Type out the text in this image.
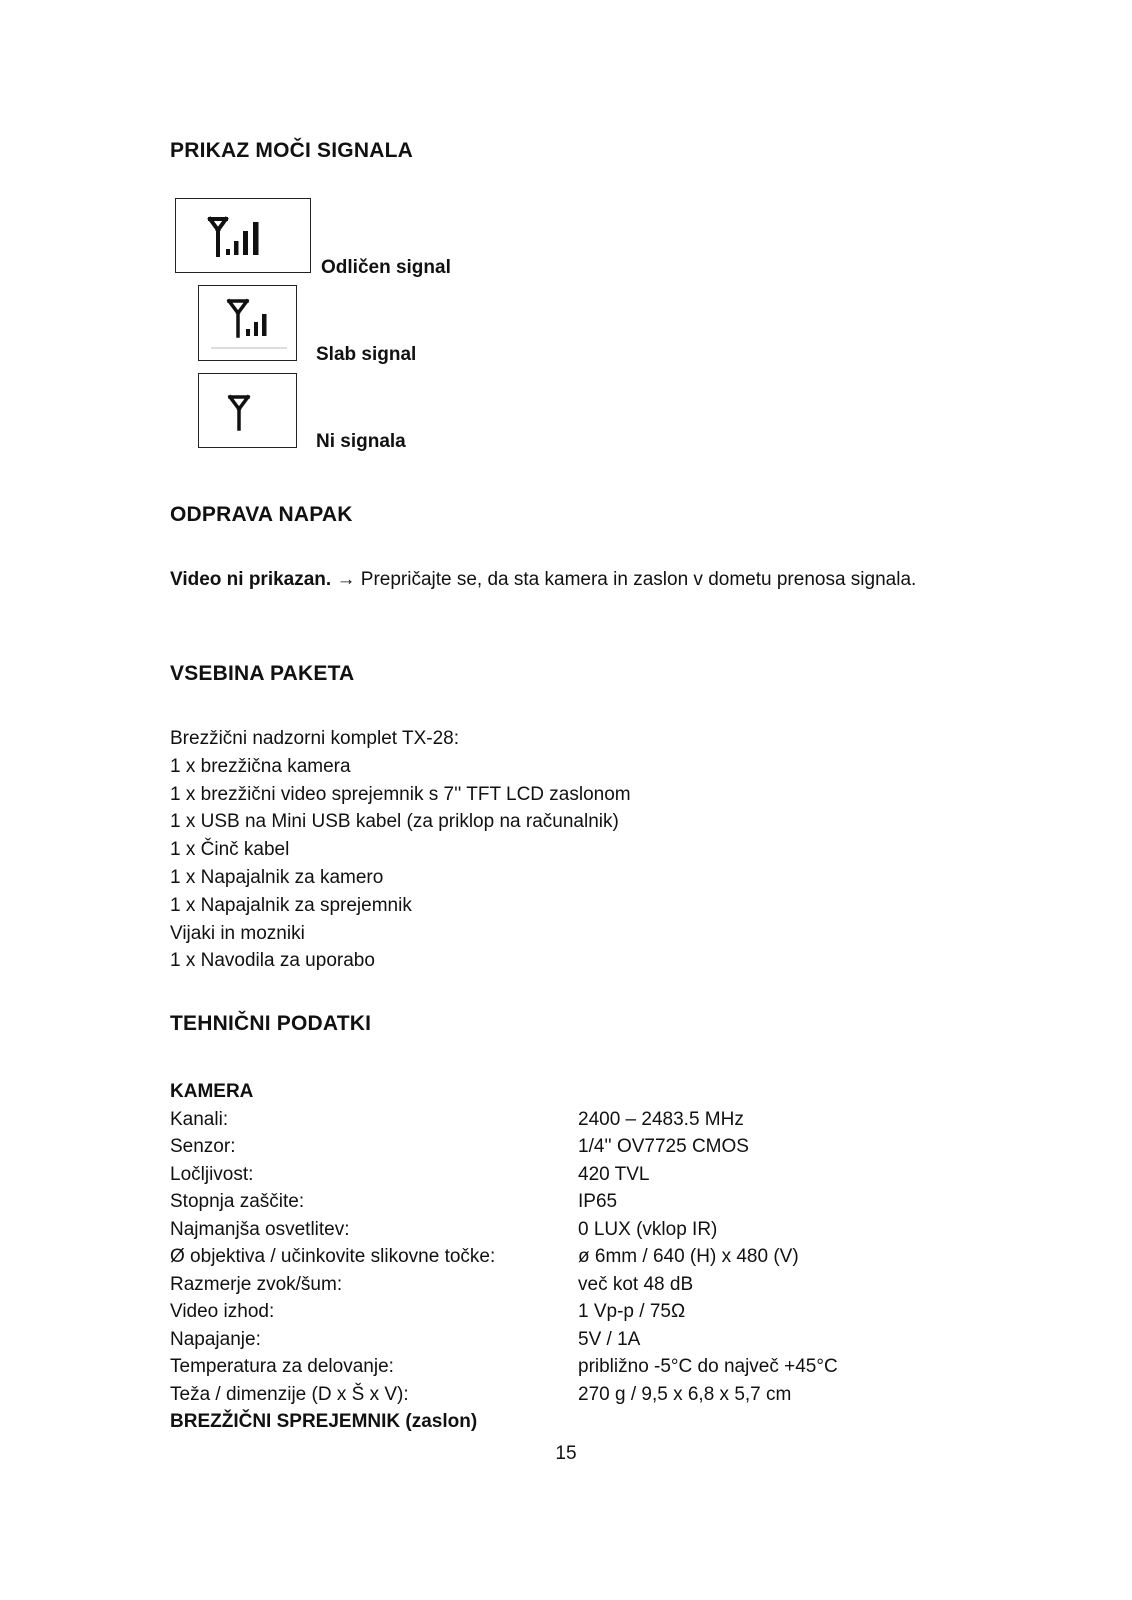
PRIKAZ MOČI SIGNALA
Odličen signal
Slab signal
Ni signala
ODPRAVA NAPAK
Video ni prikazan. → Prepričajte se, da sta kamera in zaslon v dometu prenosa signala.
VSEBINA PAKETA
Brezžični nadzorni komplet TX-28:
1 x brezžična kamera
1 x brezžični video sprejemnik s 7'' TFT LCD zaslonom
1 x USB na Mini USB kabel (za priklop na računalnik)
1 x Činč kabel
1 x Napajalnik za kamero
1 x Napajalnik za sprejemnik
Vijaki in mozniki
1 x Navodila za uporabo
TEHNIČNI PODATKI
KAMERA
Kanali:	2400 – 2483.5 MHz
Senzor:	1/4'' OV7725 CMOS
Ločljivost:	420 TVL
Stopnja zaščite:	IP65
Najmanjša osvetlitev:	0 LUX (vklop IR)
Ø objektiva / učinkovite slikovne točke:	ø 6mm / 640 (H) x 480 (V)
Razmerje zvok/šum:	več kot 48 dB
Video izhod:	1 Vp-p / 75Ω
Napajanje:	5V / 1A
Temperatura za delovanje:	približno -5°C do največ +45°C
Teža / dimenzije (D x Š x V):	270 g / 9,5 x 6,8 x 5,7 cm
BREZŽIČNI SPREJEMNIK (zaslon)
15
